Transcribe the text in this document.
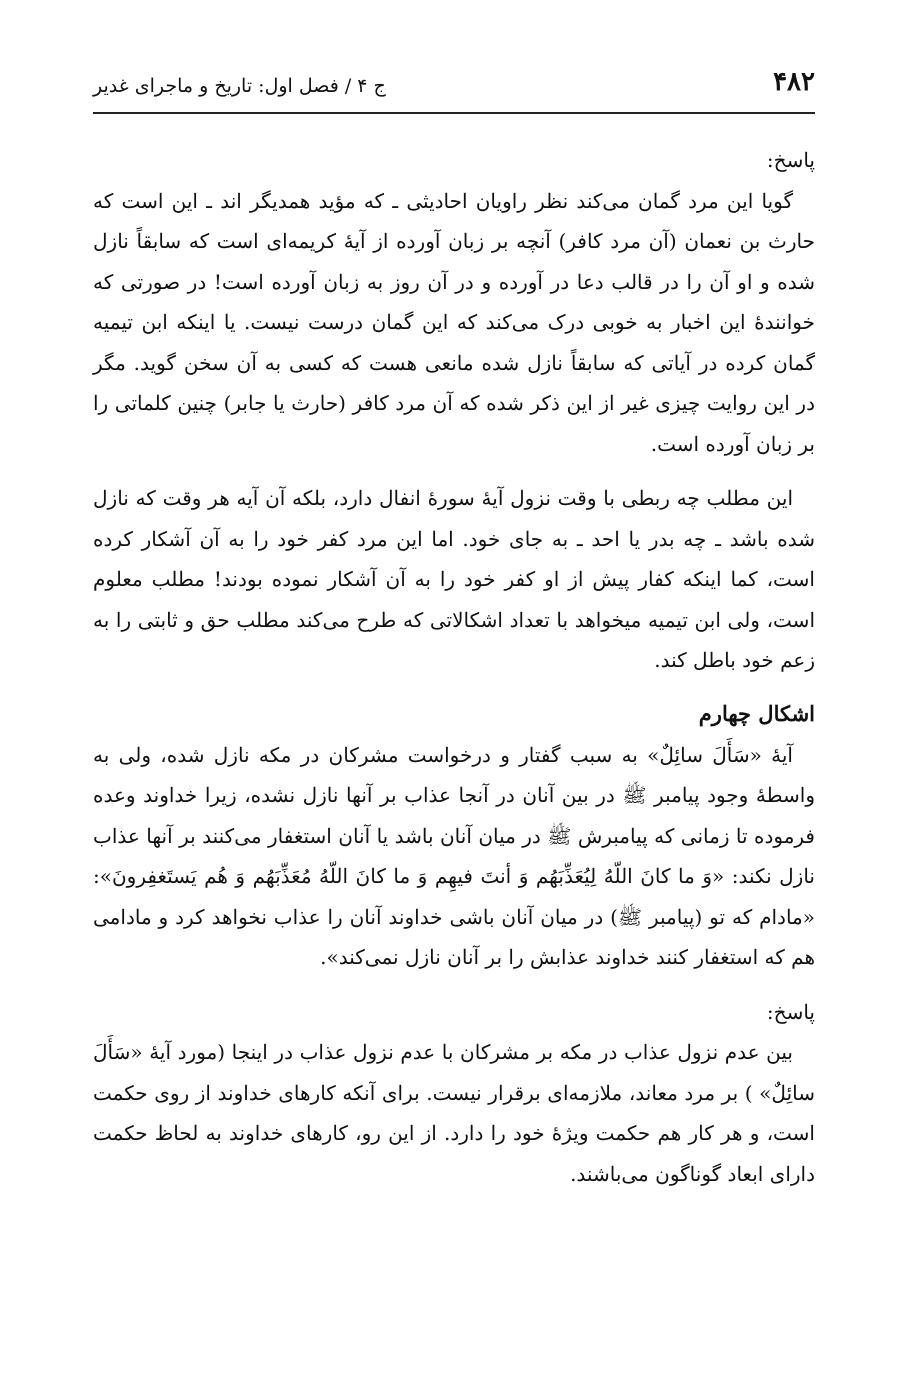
۴۸۲
ج ۴ / فصل اول: تاریخ و ماجرای غدیر

پاسخ:

گویا این مرد گمان می‌کند نظر راویان احادیثی ـ که مؤید همدیگر اند ـ این است که حارث بن نعمان (آن مرد کافر) آنچه بر زبان آورده از آیهٔ کریمه‌ای است که سابقاً نازل شده و او آن را در قالب دعا در آورده و در آن روز به زبان آورده است! در صورتی که خوانندهٔ این اخبار به خوبی درک می‌کند که این گمان درست نیست. یا اینکه ابن تیمیه گمان کرده در آیاتی که سابقاً نازل شده مانعی هست که کسی به آن سخن گوید. مگر در این روایت چیزی غیر از این ذکر شده که آن مرد کافر (حارث یا جابر) چنین کلماتی را بر زبان آورده است.

این مطلب چه ربطی با وقت نزول آیهٔ سورهٔ انفال دارد، بلکه آن آیه هر وقت که نازل شده باشد ـ چه بدر یا احد ـ به جای خود. اما این مرد کفر خود را به آن آشکار کرده است، کما اینکه کفار پیش از او کفر خود را به آن آشکار نموده بودند! مطلب معلوم است، ولی ابن تیمیه میخواهد با تعداد اشکالاتی که طرح می‌کند مطلب حق و ثابتی را به زعم خود باطل کند.

اشکال چهارم

آیهٔ «سَأَلَ سائِلٌ» به سبب گفتار و درخواست مشرکان در مکه نازل شده، ولی به واسطهٔ وجود پیامبر ﷺ در بین آنان در آنجا عذاب بر آنها نازل نشده، زیرا خداوند وعده فرموده تا زمانی که پیامبرش ﷺ در میان آنان باشد یا آنان استغفار می‌کنند بر آنها عذاب نازل نکند: «وَ ما كانَ اللّهُ لِيُعَذِّبَهُم وَ أنتَ فيهِم وَ ما كانَ اللّهُ مُعَذِّبَهُم وَ هُم يَستَغفِرونَ»: «مادام که تو (پیامبر ﷺ) در میان آنان باشی خداوند آنان را عذاب نخواهد کرد و مادامی هم که استغفار کنند خداوند عذابش را بر آنان نازل نمی‌کند».

پاسخ:

بین عدم نزول عذاب در مکه بر مشرکان با عدم نزول عذاب در اینجا (مورد آیهٔ «سَأَلَ سائِلٌ» ) بر مرد معاند، ملازمه‌ای برقرار نیست. برای آنکه کارهای خداوند از روی حکمت است، و هر کار هم حکمت ویژهٔ خود را دارد. از این رو، کارهای خداوند به لحاظ حکمت دارای ابعاد گوناگون می‌باشند.
